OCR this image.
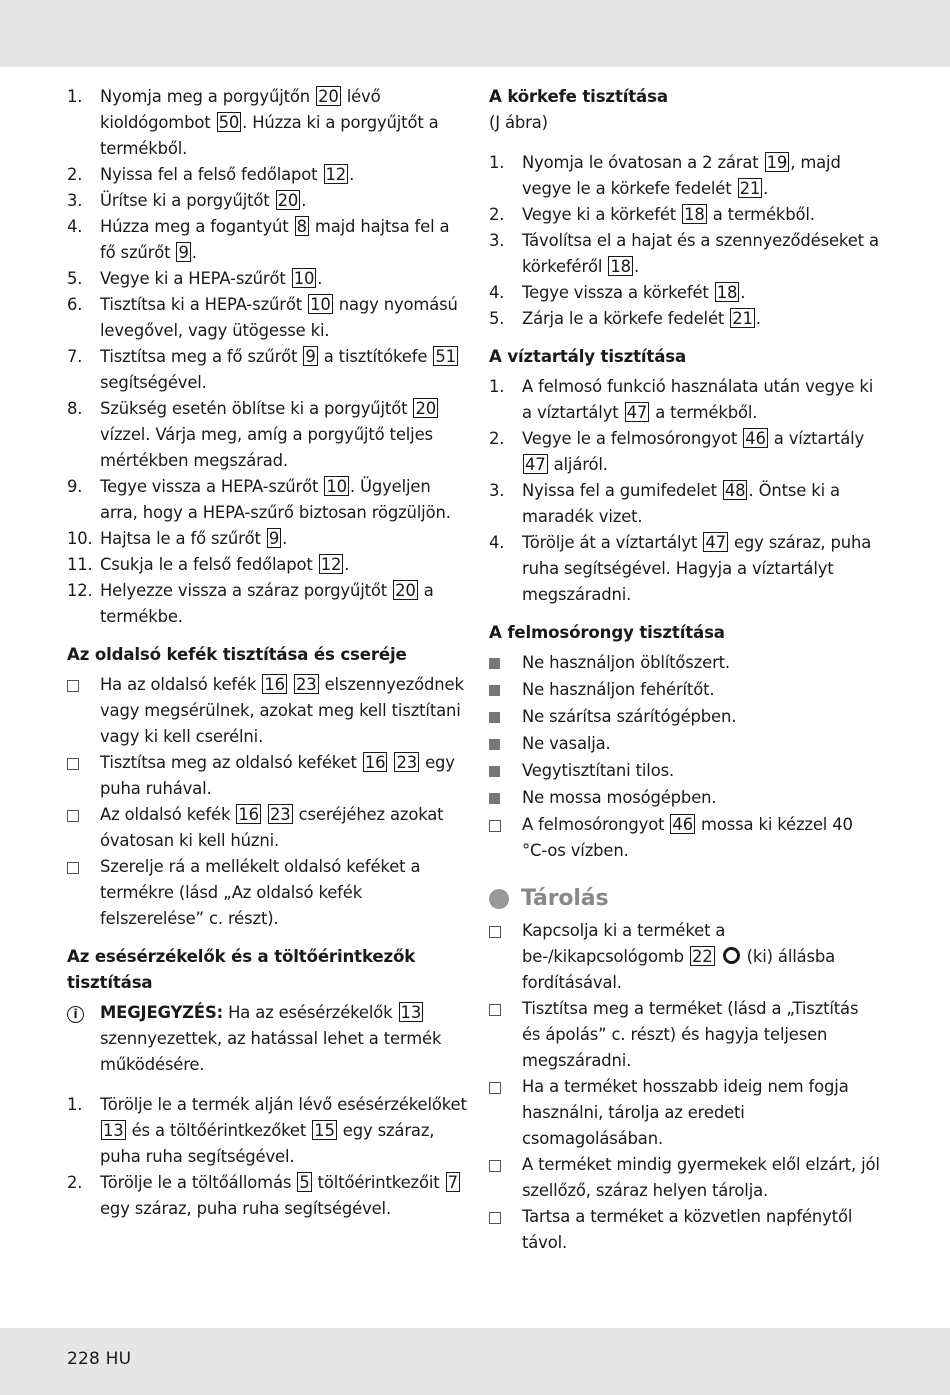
1.	Nyomja meg a porgyűjtőn 20 lévő kioldógombot 50 . Húzza ki a porgyűjtőt a termékből.
2.	Nyissa fel a felső fedőlapot 12 .
3.	Ürítse ki a porgyűjtőt 20 .
4.	Húzza meg a fogantyút 8 majd hajtsa fel a fő szűrőt 9 .
5.	Vegye ki a HEPA-szűrőt 10 .
6.	Tisztítsa ki a HEPA-szűrőt 10 nagy nyomású levegővel, vagy ütögesse ki.
7.	Tisztítsa meg a fő szűrőt 9 a tisztítókefe 51 segítségével.
8.	Szükség esetén öblítse ki a porgyűjtőt 20 vízzel. Várja meg, amíg a porgyűjtő teljes mértékben megszárad.
9.	Tegye vissza a HEPA-szűrőt 10 . Ügyeljen arra, hogy a HEPA-szűrő biztosan rögzüljön.
10. Hajtsa le a fő szűrőt 9 .
11. Csukja le a felső fedőlapot 12 .
12. Helyezze vissza a száraz porgyűjtőt 20 a termékbe.
Az oldalsó kefék tisztítása és cseréje
Ha az oldalsó kefék 16 23 elszennyeződnek vagy megsérülnek, azokat meg kell tisztítani vagy ki kell cserélni.
Tisztítsa meg az oldalsó keféket 16 23 egy puha ruhával.
Az oldalsó kefék 16 23 cseréjéhez azokat óvatosan ki kell húzni.
Szerelje rá a mellékelt oldalsó keféket a termékre (lásd „Az oldalsó kefék felszerelése” c. részt).
Az esésérzékelők és a töltőérintkezők tisztítása
i	MEGJEGYZÉS: Ha az esésérzékelők 13 szennyezettek, az hatással lehet a termék működésére.
1.	Törölje le a termék alján lévő esésérzékelőket 13 és a töltőérintkezőket 15 egy száraz, puha ruha segítségével.
2.	Törölje le a töltőállomás 5 töltőérintkezőit 7 egy száraz, puha ruha segítségével.
A körkefe tisztítása
(J ábra)
1.	Nyomja le óvatosan a 2 zárat 19 , majd vegye le a körkefe fedelét 21 .
2.	Vegye ki a körkefét 18 a termékből.
3.	Távolítsa el a hajat és a szennyeződéseket a körkeféről 18 .
4.	Tegye vissza a körkefét 18 .
5.	Zárja le a körkefe fedelét 21 .
A víztartály tisztítása
1.	A felmosó funkció használata után vegye ki a víztartályt 47 a termékből.
2.	Vegye le a felmosórongyot 46 a víztartály 47 aljáról.
3.	Nyissa fel a gumifedelet 48 . Öntse ki a maradék vizet.
4.	Törölje át a víztartályt 47 egy száraz, puha ruha segítségével. Hagyja a víztartályt megszáradni.
A felmosórongy tisztítása
Ne használjon öblítőszert.
Ne használjon fehérítőt.
Ne szárítsa szárítógépben.
Ne vasalja.
Vegytisztítani tilos.
Ne mossa mosógépben.
A felmosórongyot 46 mossa ki kézzel 40 °C-os vízben.
Tárolás
Kapcsolja ki a terméket a be-/kikapcsológomb 22  (ki) állásba fordításával.
Tisztítsa meg a terméket (lásd a „Tisztítás és ápolás” c. részt) és hagyja teljesen megszáradni.
Ha a terméket hosszabb ideig nem fogja használni, tárolja az eredeti csomagolásában.
A terméket mindig gyermekek elől elzárt, jól szellőző, száraz helyen tárolja.
Tartsa a terméket a közvetlen napfénytől távol.
228 HU
